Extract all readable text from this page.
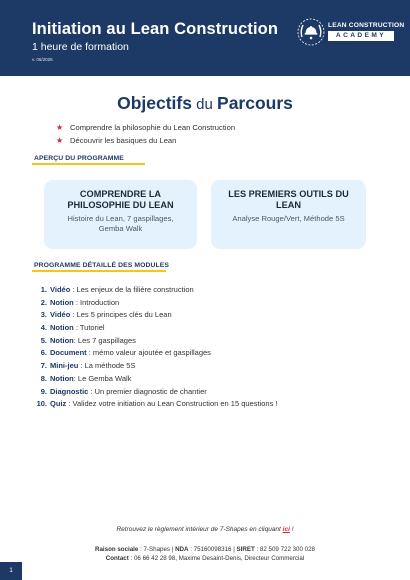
Initiation au Lean Construction
1 heure de formation
v. 06/2025
LEAN CONSTRUCTION
ACADEMY
Objectifs du Parcours
★ Comprendre la philosophie du Lean Construction
★ Découvrir les basiques du Lean
APERÇU DU PROGRAMME
COMPRENDRE LA
PHILOSOPHIE DU LEAN
Histoire du Lean, 7 gaspillages,
Gemba Walk
LES PREMIERS OUTILS DU
LEAN
Analyse Rouge/Vert, Méthode 5S
PROGRAMME DÉTAILLÉ DES MODULES
1. Vidéo : Les enjeux de la filière construction
2. Notion : Introduction
3. Vidéo : Les 5 principes clés du Lean
4. Notion : Tutoriel
5. Notion: Les 7 gaspillages
6. Document : mémo valeur ajoutée et gaspillages
7. Mini-jeu : La méthode 5S
8. Notion: Le Gemba Walk
9. Diagnostic : Un premier diagnostic de chantier
10. Quiz : Validez votre initiation au Lean Construction en 15 questions !
Retrouvez le règlement intérieur de 7-Shapes en cliquant ici !
Raison sociale : 7-Shapes | NDA : 75160098316 | SIRET : 82 509 722 300 028
Contact : 06 66 42 28 98, Maxime Desaint-Denis, Directeur Commercial
1
